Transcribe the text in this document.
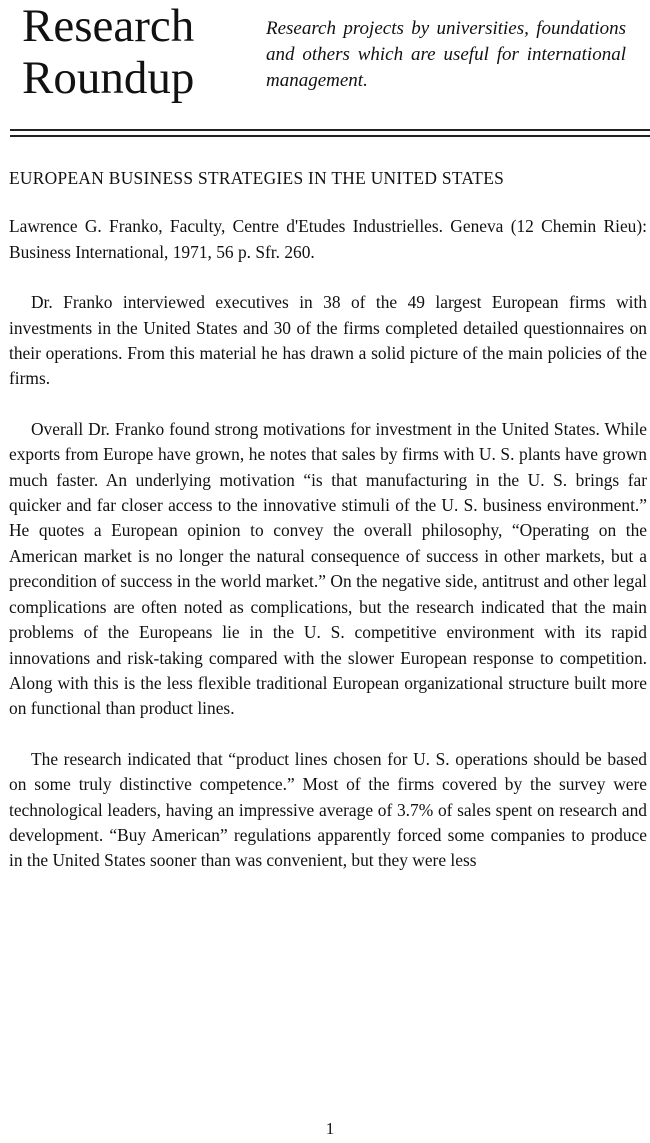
Research
Roundup
Research projects by universities, foundations and others which are useful for international management.
EUROPEAN BUSINESS STRATEGIES IN THE UNITED STATES

Lawrence G. Franko, Faculty, Centre d'Etudes Industrielles. Geneva (12 Chemin Rieu): Business International, 1971, 56 p. Sfr. 260.

Dr. Franko interviewed executives in 38 of the 49 largest European firms with investments in the United States and 30 of the firms completed detailed questionnaires on their operations. From this material he has drawn a solid picture of the main policies of the firms.

Overall Dr. Franko found strong motivations for investment in the United States. While exports from Europe have grown, he notes that sales by firms with U. S. plants have grown much faster. An underlying motivation “is that manufacturing in the U. S. brings far quicker and far closer access to the innovative stimuli of the U. S. business environment.” He quotes a European opinion to convey the overall philosophy, “Operating on the American market is no longer the natural consequence of success in other markets, but a precondition of success in the world market.” On the negative side, antitrust and other legal complications are often noted as complications, but the research indicated that the main problems of the Europeans lie in the U. S. competitive environment with its rapid innovations and risk-taking compared with the slower European response to competition. Along with this is the less flexible traditional European organizational structure built more on functional than product lines.

The research indicated that “product lines chosen for U. S. operations should be based on some truly distinctive competence.” Most of the firms covered by the survey were technological leaders, having an impressive average of 3.7% of sales spent on research and development. “Buy American” regulations apparently forced some companies to produce in the United States sooner than was convenient, but they were less

1
